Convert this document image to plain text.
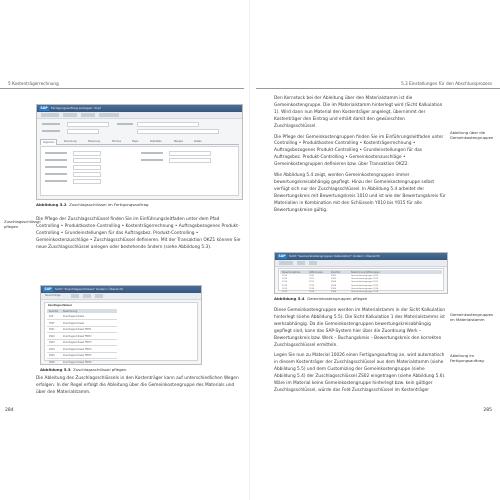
5 Kostenträgerrechnung
SAP	Fertigungsauftrag anzeigen: Kopf
Allgemein	Zuordnung	Steuerung	Termine	Dispo	Kopfdaten	Mengen	Kosten
Abbildung 5.2 Zuschlagsschlüssel im Fertigungsauftrag
Zuschlagsschlüssel pflegen

Die Pflege der Zuschlagsschlüssel finden Sie im Einführungsleitfaden unter dem Pfad Controlling • Produktkosten-Controlling • Kostenträgerrechnung • Auftragsbezogenes Produkt-Controlling • Grundeinstellungen für das Auftragsbez. Produkt-Controlling • Gemeinkostenzuschläge • Zuschlagsschlüssel definieren. Mit der Transaktion OKZ1 können Sie neue Zuschlagsschlüssel anlegen oder bestehende ändern (siehe Abbildung 5.3).

SAP	Sicht "Zuschlagsschlüssel" ändern: Übersicht
Neue Einträge
Zuschlagsschlüssel
Zuschlsl Bezeichnung
SAP	Zuschlagsschlüssel
TEST	Zuschlagsschlüssel
ZS01	Zuschlagsschlüssel FERT1
ZS02	Zuschlagsschlüssel FERT2
ZS03	Zuschlagsschlüssel FERT3
ZS04	Zuschlagsschlüssel FERT4
ZS05	Zuschlagsschlüssel FERT5
ZS06	Zuschlagsschlüssel FERT6
Abbildung 5.3 Zuschlagsschlüssel pflegen

Die Ableitung des Zuschlagsschlüssels in den Kostenträger kann auf unterschiedlichen Wegen erfolgen. In der Regel erfolgt die Ableitung über die Gemeinkostengruppe des Materials und über den Materialstamm.

284
5.3 Einstellungen für den Abschlussprozess
Ableitung über die Gemeinkostengruppen

Den Kernstock bei der Ableitung über den Materialstamm ist die Gemeinkostengruppe. Die im Materialstamm hinterlegt wird (Sicht Kalkulation 1). Wird dann nun Material den Kostenträger angelegt, übernimmt der Kostenträger den Eintrag und erhält damit den gewünschten Zuschlagsschlüssel.

Die Pflege der Gemeinkostengruppen finden Sie im Einführungsleitfaden unter Controlling • Produktkosten-Controlling • Kostenträgerrechnung • Auftragsbezogenes Produkt-Controlling • Grundeinstellungen für das Auftragsbez. Produkt-Controlling • Gemeinkostenzuschläge • Gemeinkostengruppen definieren bzw. über Transaktion OKZ2.

Wie Abbildung 5.4 zeigt, werden Gemeinkostengruppen immer bewertungskreisabhängig gepflegt. Hinzu der Gemeinkostengruppe selbst verfügt sich nur der Zuschlagsschlüssel. In Abbildung 5.4 arbeitet der Bewertungskreis mit Bewertungskreis 1010 und ist wie der Bewertungskreis für Materialien in Kombination mit den Schlüsseln Y010 bis Y015 für alle Bewertungskreise gültig.

SAP	Sicht "Gemeinkostengruppen Kalkulation" ändern: Übersicht
Bewertungskreis	GMK-Gruppe	Zuschlsl	Bezeichnung GMK-Gruppe
1010	Y010	ZS01	Gemeinkostengruppe Y010
1010	Y011	ZS02	Gemeinkostengruppe Y011
1010	Y012	ZS03	Gemeinkostengruppe Y012
1010	Y013	ZS04	Gemeinkostengruppe Y013
1010	Y014	ZS05	Gemeinkostengruppe Y014
1010	Y015	ZS06	Gemeinkostengruppe Y015
Abbildung 5.4 Gemeinkostengruppen pflegen
Gemeinkostengruppen im Materialstamm
Ableitung im Fertigungsauftrag

Diese Gemeinkostengruppen werden im Materialstamm in der Sicht Kalkulation hinterlegt (siehe Abbildung 5.5). Die Sicht Kalkulation 1 des Materialstamms ist werksabhängig. Da die Gemeinkostengruppen bewertungskreisabhängig gepflegt sind, kann das SAP-System hier über die Zuordnung Werk – Bewertungskreis bzw. Werk – Buchungskreis – Bewertungskreis den korrekten Zuschlagsschlüssel ermitteln.

Legen Sie nun zu Material 10026 einen Fertigungsauftrag an, wird automatisch in diesem Kostenträger der Zuschlagsschlüssel aus dem Materialstamm (siehe Abbildung 5.5) und dem Customizing der Gemeinkostengruppe (siehe Abbildung 5.4) der Zuschlagsschlüssel ZS02 eingetragen (siehe Abbildung 5.6). Wäre im Material keine Gemeinkostengruppe hinterlegt bzw. kein gültiger Zuschlagsschlüssel, würde das Feld Zuschlagsschlüssel im Kostenträger

285
